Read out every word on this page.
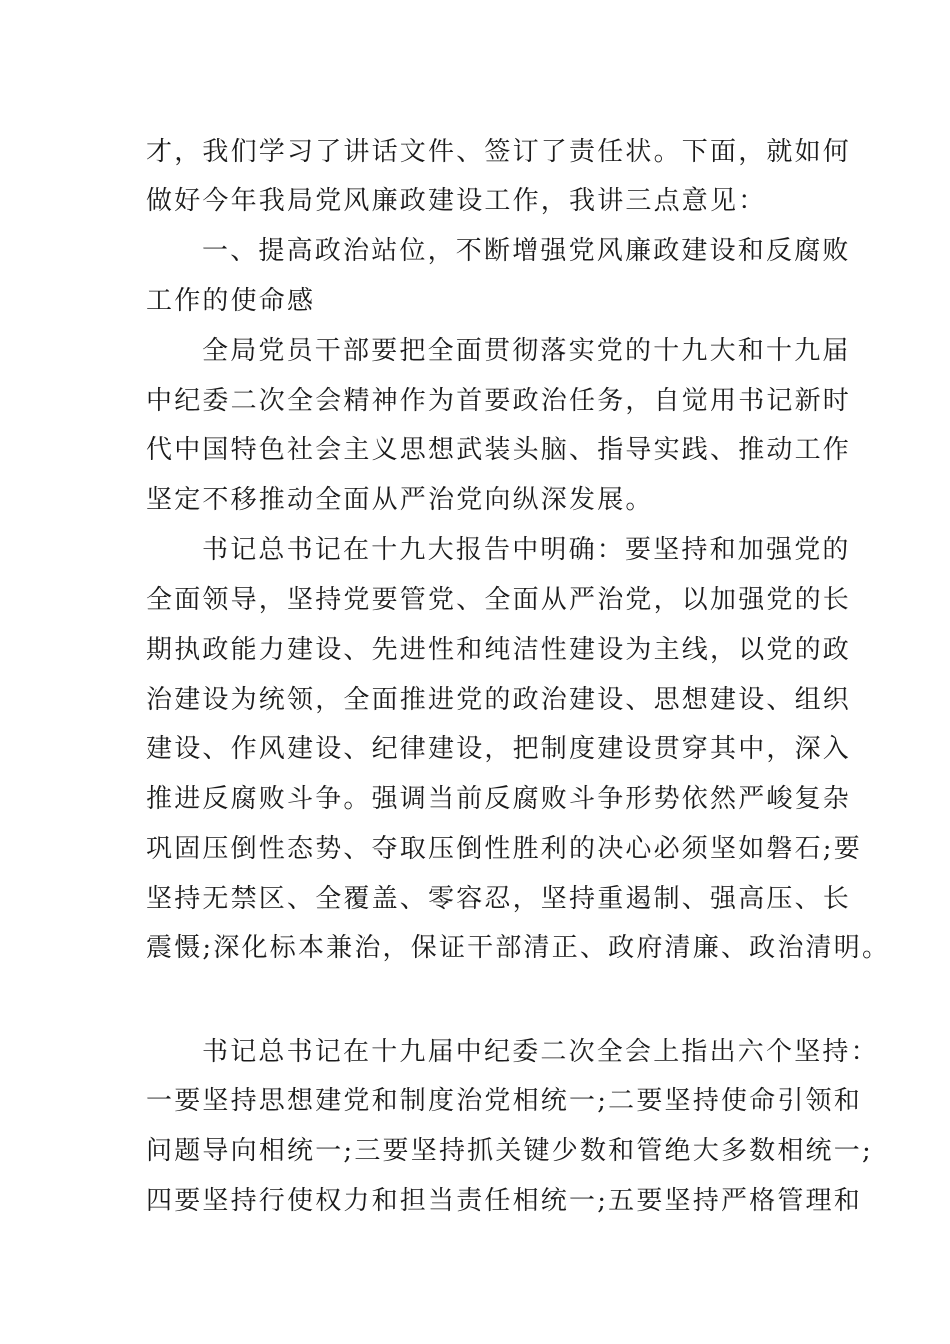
才，我们学习了讲话文件、签订了责任状。下面，就如何
做好今年我局党风廉政建设工作，我讲三点意见：
一、提高政治站位，不断增强党风廉政建设和反腐败
工作的使命感
全局党员干部要把全面贯彻落实党的十九大和十九届
中纪委二次全会精神作为首要政治任务，自觉用书记新时
代中国特色社会主义思想武装头脑、指导实践、推动工作
坚定不移推动全面从严治党向纵深发展。
书记总书记在十九大报告中明确：要坚持和加强党的
全面领导，坚持党要管党、全面从严治党，以加强党的长
期执政能力建设、先进性和纯洁性建设为主线，以党的政
治建设为统领，全面推进党的政治建设、思想建设、组织
建设、作风建设、纪律建设，把制度建设贯穿其中，深入
推进反腐败斗争。强调当前反腐败斗争形势依然严峻复杂
巩固压倒性态势、夺取压倒性胜利的决心必须坚如磐石;要
坚持无禁区、全覆盖、零容忍，坚持重遏制、强高压、长
震慑;深化标本兼治，保证干部清正、政府清廉、政治清明。
书记总书记在十九届中纪委二次全会上指出六个坚持：
一要坚持思想建党和制度治党相统一;二要坚持使命引领和
问题导向相统一;三要坚持抓关键少数和管绝大多数相统一;
四要坚持行使权力和担当责任相统一;五要坚持严格管理和
